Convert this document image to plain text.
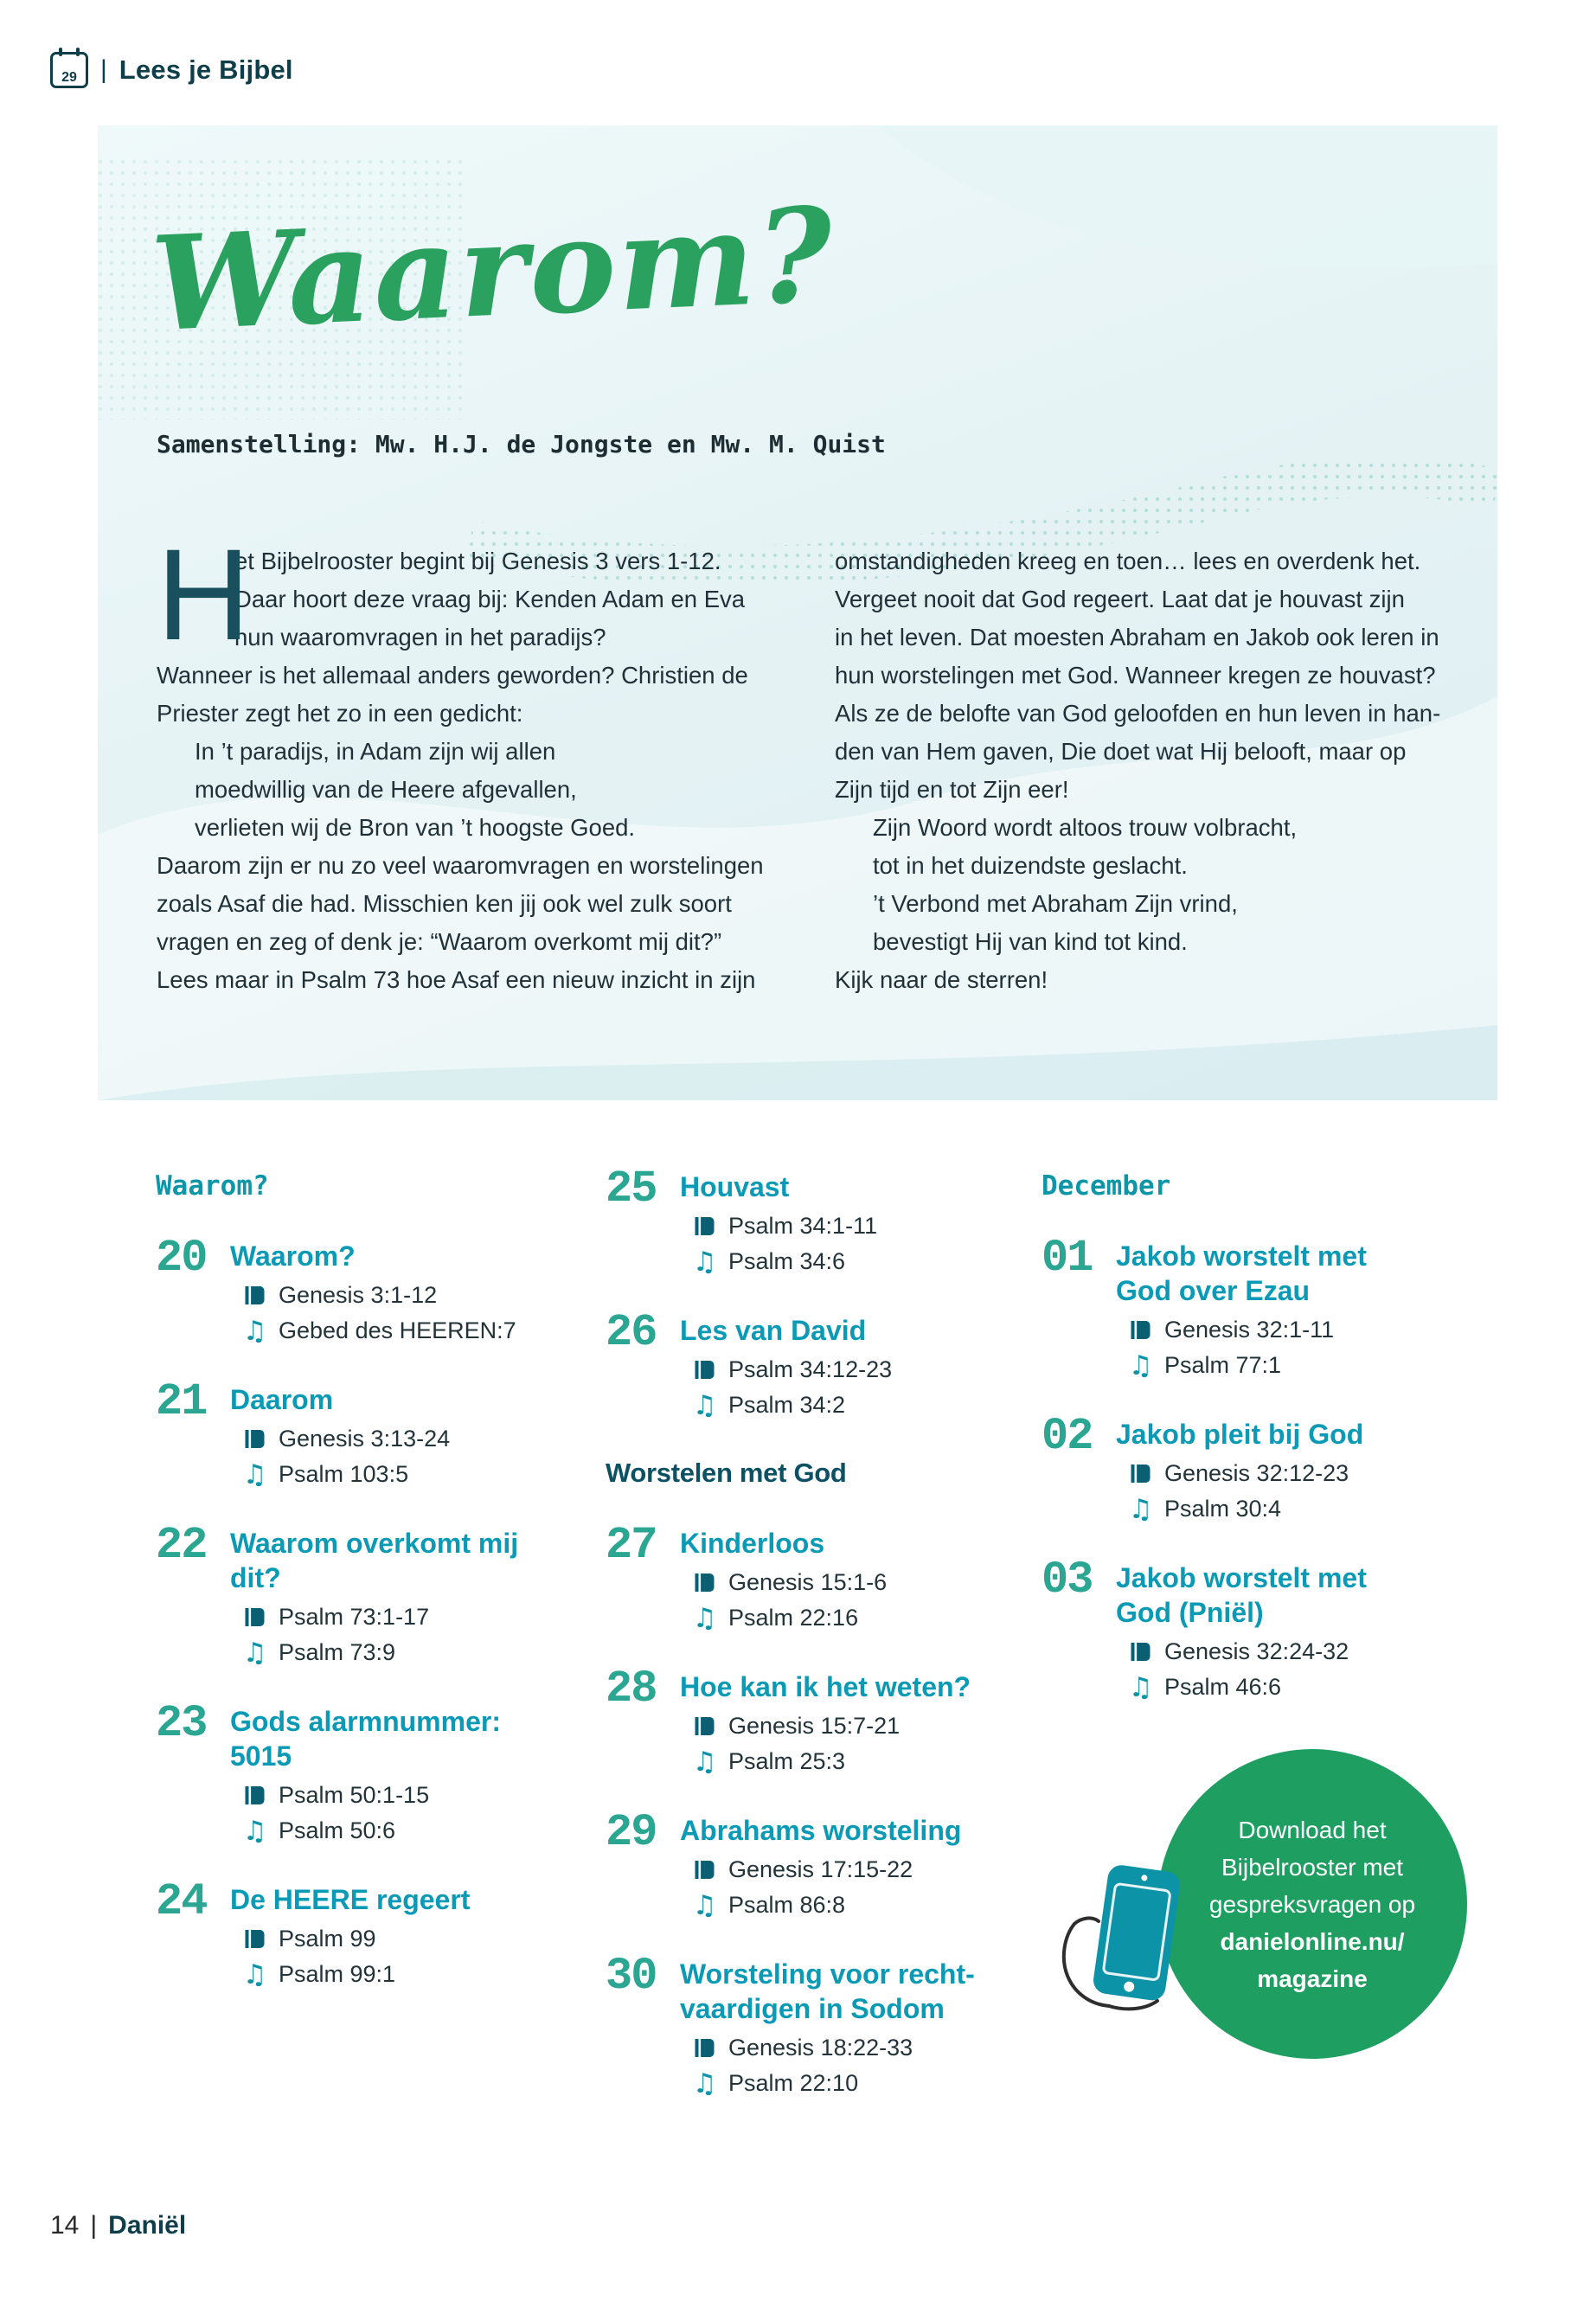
29 | Lees je Bijbel
Waarom?
Samenstelling: Mw. H.J. de Jongste en Mw. M. Quist
H
et Bijbelrooster begint bij Genesis 3 vers 1-12.
Daar hoort deze vraag bij: Kenden Adam en Eva
hun waaromvragen in het paradijs?
Wanneer is het allemaal anders geworden? Christien de
Priester zegt het zo in een gedicht:
In ’t paradijs, in Adam zijn wij allen
moedwillig van de Heere afgevallen,
verlieten wij de Bron van ’t hoogste Goed.
Daarom zijn er nu zo veel waaromvragen en worstelingen
zoals Asaf die had. Misschien ken jij ook wel zulk soort
vragen en zeg of denk je: “Waarom overkomt mij dit?”
Lees maar in Psalm 73 hoe Asaf een nieuw inzicht in zijn
omstandigheden kreeg en toen… lees en overdenk het.
Vergeet nooit dat God regeert. Laat dat je houvast zijn
in het leven. Dat moesten Abraham en Jakob ook leren in
hun worstelingen met God. Wanneer kregen ze houvast?
Als ze de belofte van God geloofden en hun leven in han-
den van Hem gaven, Die doet wat Hij belooft, maar op
Zijn tijd en tot Zijn eer!
Zijn Woord wordt altoos trouw volbracht,
tot in het duizendste geslacht.
’t Verbond met Abraham Zijn vrind,
bevestigt Hij van kind tot kind.
Kijk naar de sterren!
Waarom?
20 Waarom?
Genesis 3:1-12
♫ Gebed des HEEREN:7
21 Daarom
Genesis 3:13-24
♫ Psalm 103:5
22 Waarom overkomt mij dit?
Psalm 73:1-17
♫ Psalm 73:9
23 Gods alarmnummer: 5015
Psalm 50:1-15
♫ Psalm 50:6
24 De HEERE regeert
Psalm 99
♫ Psalm 99:1
25 Houvast
Psalm 34:1-11
♫ Psalm 34:6
26 Les van David
Psalm 34:12-23
♫ Psalm 34:2
Worstelen met God
27 Kinderloos
Genesis 15:1-6
♫ Psalm 22:16
28 Hoe kan ik het weten?
Genesis 15:7-21
♫ Psalm 25:3
29 Abrahams worsteling
Genesis 17:15-22
♫ Psalm 86:8
30 Worsteling voor recht-vaardigen in Sodom
Genesis 18:22-33
♫ Psalm 22:10
December
01 Jakob worstelt met God over Ezau
Genesis 32:1-11
♫ Psalm 77:1
02 Jakob pleit bij God
Genesis 32:12-23
♫ Psalm 30:4
03 Jakob worstelt met God (Pniël)
Genesis 32:24-32
♫ Psalm 46:6
Download het
Bijbelrooster met
gespreksvragen op
danielonline.nu/
magazine
14 | Daniël
